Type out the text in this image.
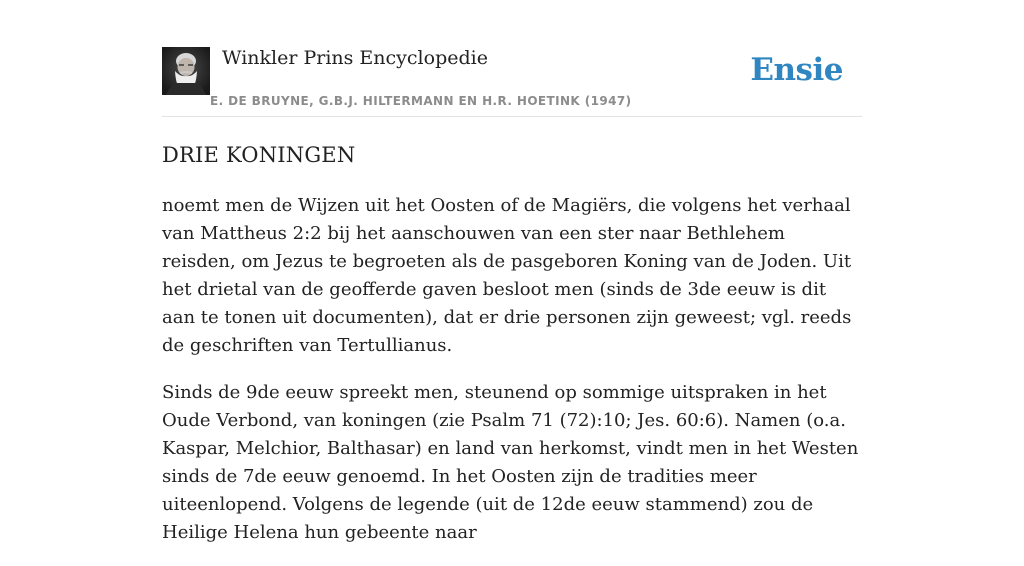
Winkler Prins Encyclopedie
E. DE BRUYNE, G.B.J. HILTERMANN EN H.R. HOETINK (1947)
Ensie
DRIE KONINGEN

noemt men de Wijzen uit het Oosten of de Magiërs, die volgens het verhaal van Mattheus 2:2 bij het aanschouwen van een ster naar Bethlehem reisden, om Jezus te begroeten als de pasgeboren Koning van de Joden. Uit het drietal van de geofferde gaven besloot men (sinds de 3de eeuw is dit aan te tonen uit documenten), dat er drie personen zijn geweest; vgl. reeds de geschriften van Tertullianus.

Sinds de 9de eeuw spreekt men, steunend op sommige uitspraken in het Oude Verbond, van koningen (zie Psalm 71 (72):10; Jes. 60:6). Namen (o.a. Kaspar, Melchior, Balthasar) en land van herkomst, vindt men in het Westen sinds de 7de eeuw genoemd. In het Oosten zijn de tradities meer uiteenlopend. Volgens de legende (uit de 12de eeuw stammend) zou de Heilige Helena hun gebeente naar
